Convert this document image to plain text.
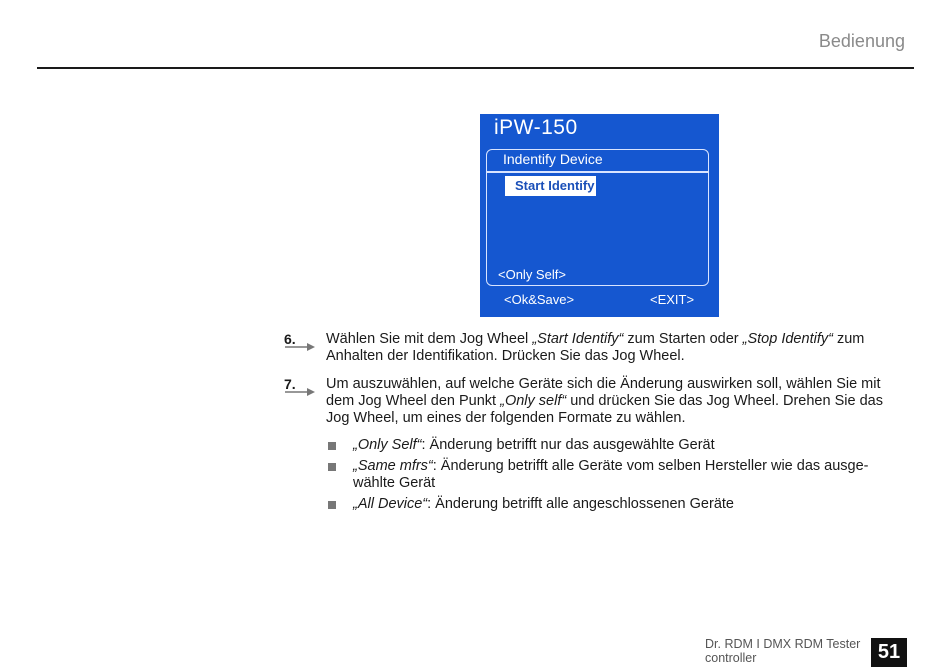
Bedienung
iPW-150
Indentify Device
Start Identify
<Only Self>
<Ok&Save>	<EXIT>
6. Wählen Sie mit dem Jog Wheel „Start Identify“ zum Starten oder „Stop Identify“ zum Anhalten der Identifikation. Drücken Sie das Jog Wheel.
7. Um auszuwählen, auf welche Geräte sich die Änderung auswirken soll, wählen Sie mit dem Jog Wheel den Punkt „Only self“ und drücken Sie das Jog Wheel. Drehen Sie das Jog Wheel, um eines der folgenden Formate zu wählen.
„Only Self“: Änderung betrifft nur das ausgewählte Gerät
„Same mfrs“: Änderung betrifft alle Geräte vom selben Hersteller wie das ausge-wählte Gerät
„All Device“: Änderung betrifft alle angeschlossenen Geräte
Dr. RDM I DMX RDM Tester controller	51
